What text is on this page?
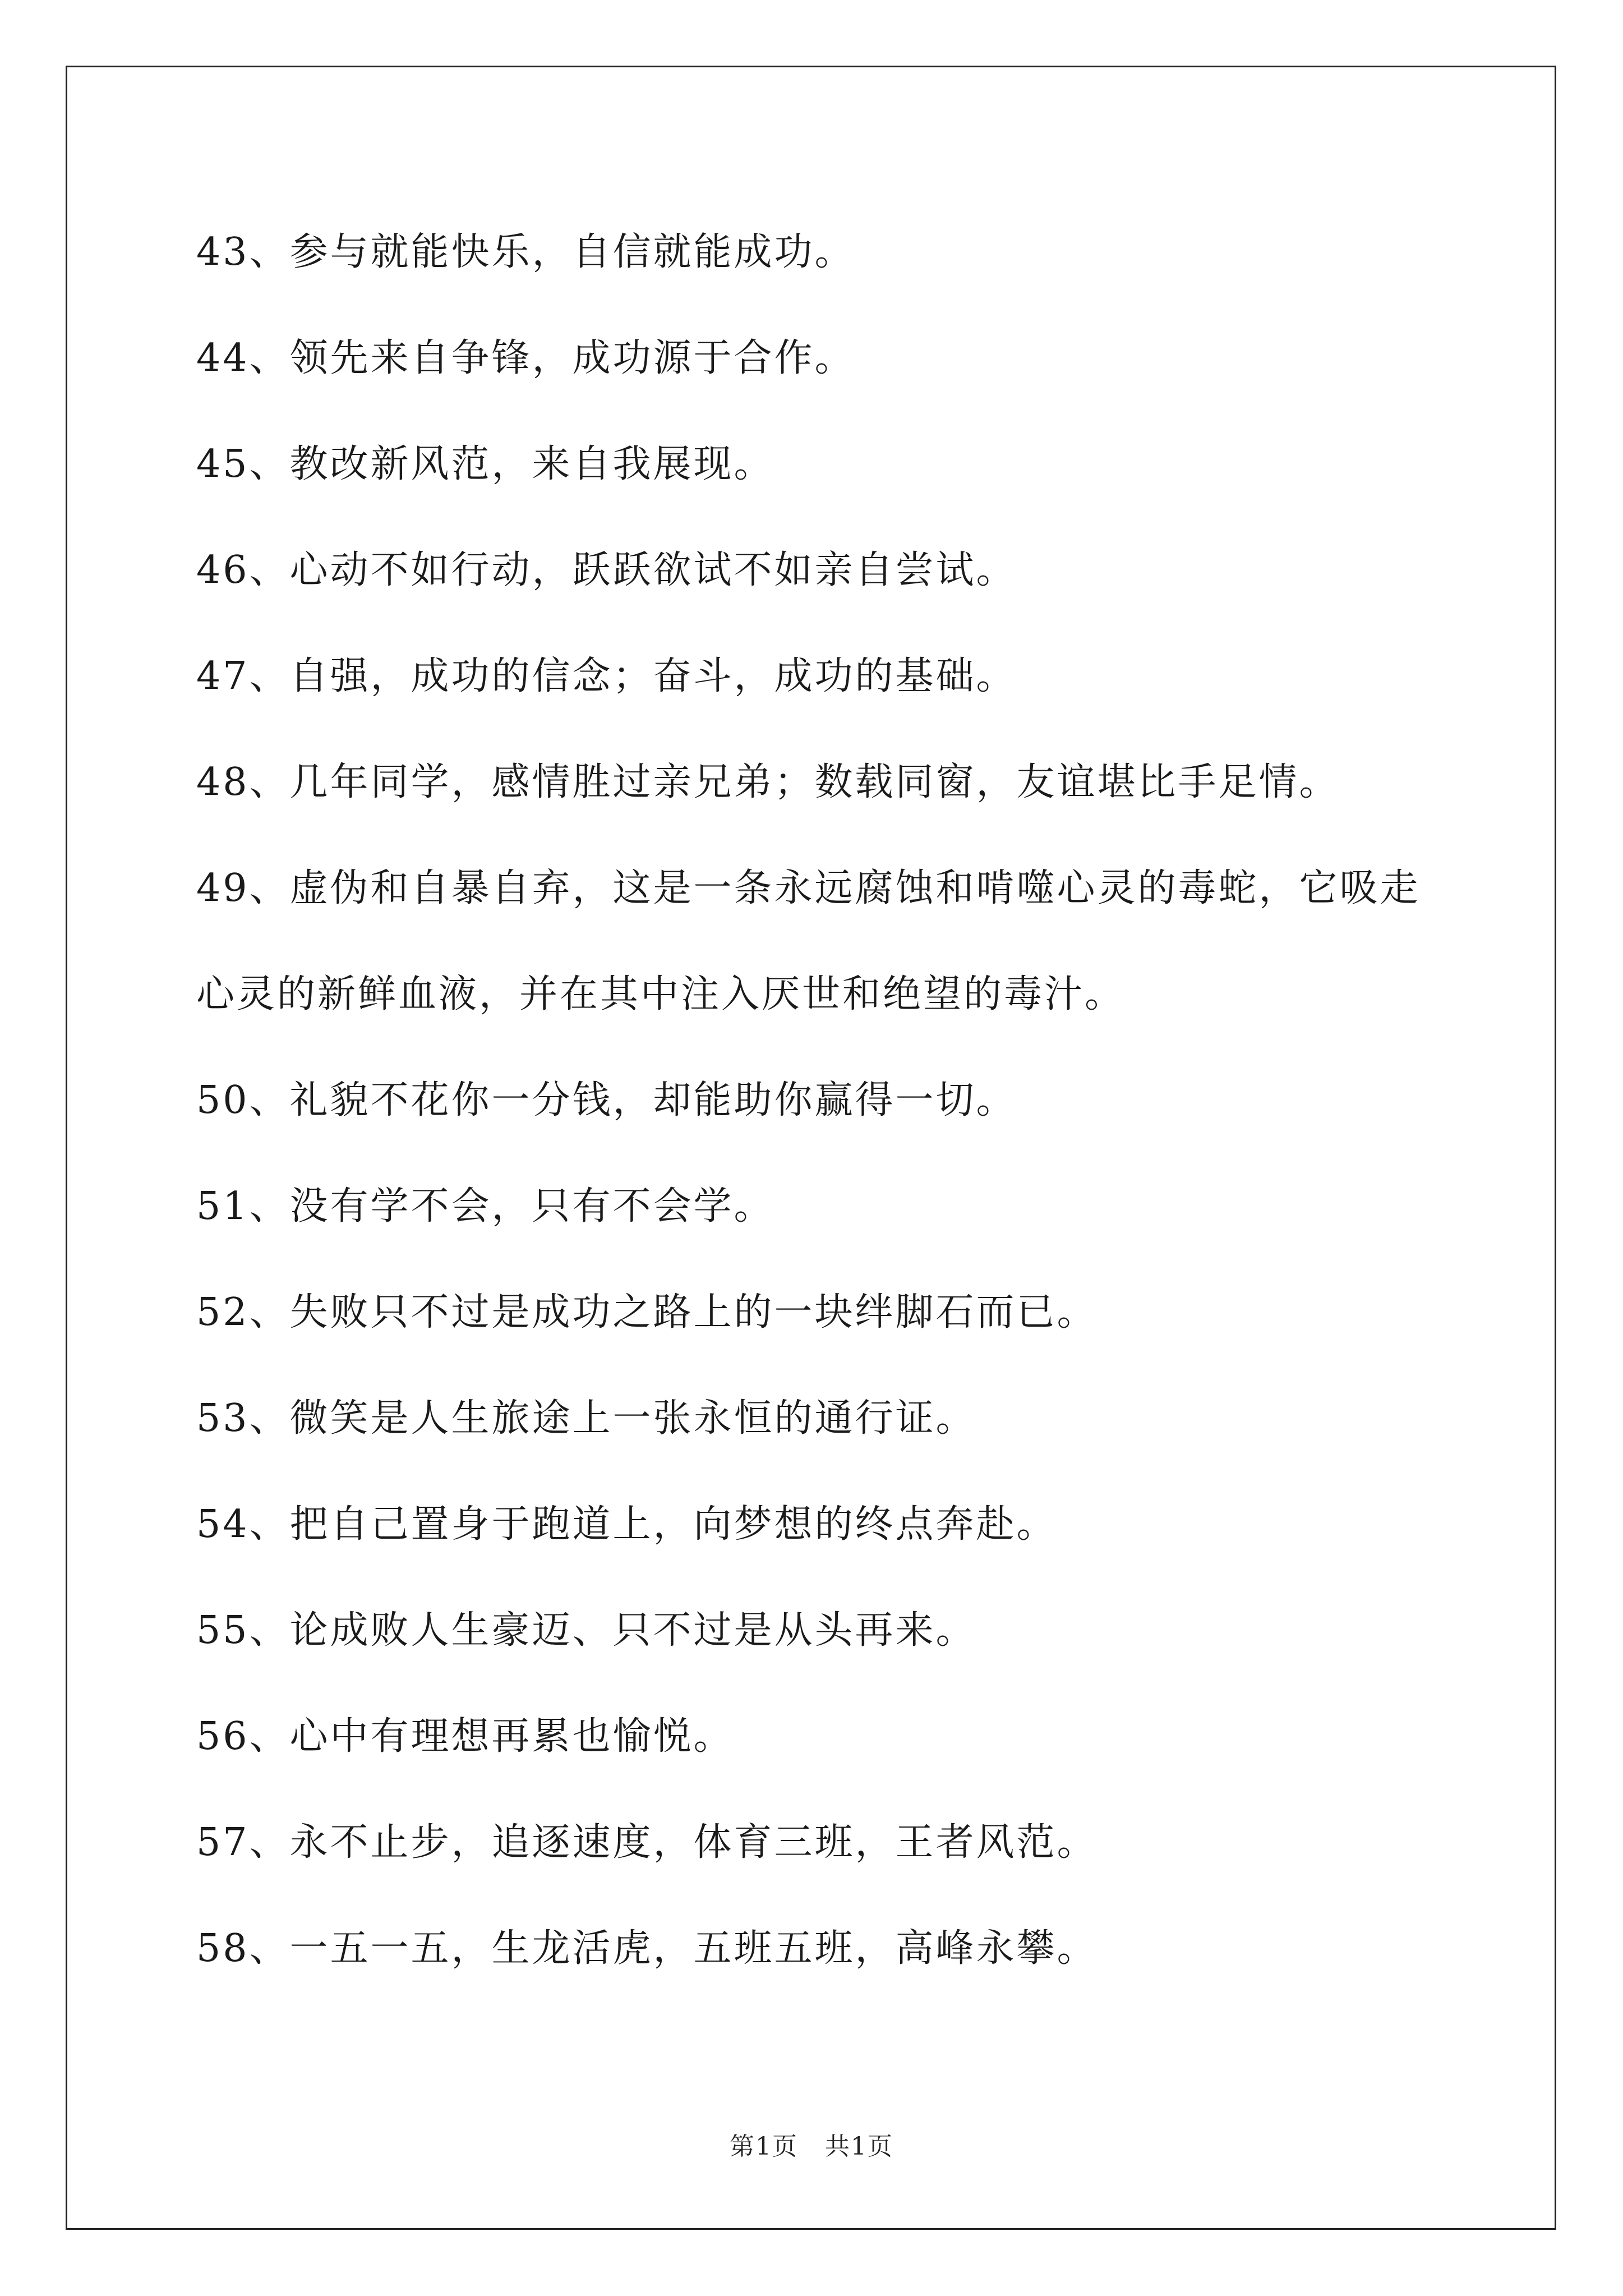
43、参与就能快乐，自信就能成功。
44、领先来自争锋，成功源于合作。
45、教改新风范，来自我展现。
46、心动不如行动，跃跃欲试不如亲自尝试。
47、自强，成功的信念；奋斗，成功的基础。
48、几年同学，感情胜过亲兄弟；数载同窗，友谊堪比手足情。
49、虚伪和自暴自弃，这是一条永远腐蚀和啃噬心灵的毒蛇，它吸走
心灵的新鲜血液，并在其中注入厌世和绝望的毒汁。
50、礼貌不花你一分钱，却能助你赢得一切。
51、没有学不会，只有不会学。
52、失败只不过是成功之路上的一块绊脚石而已。
53、微笑是人生旅途上一张永恒的通行证。
54、把自己置身于跑道上，向梦想的终点奔赴。
55、论成败人生豪迈、只不过是从头再来。
56、心中有理想再累也愉悦。
57、永不止步，追逐速度，体育三班，王者风范。
58、一五一五，生龙活虎，五班五班，高峰永攀。
第1页 共1页
